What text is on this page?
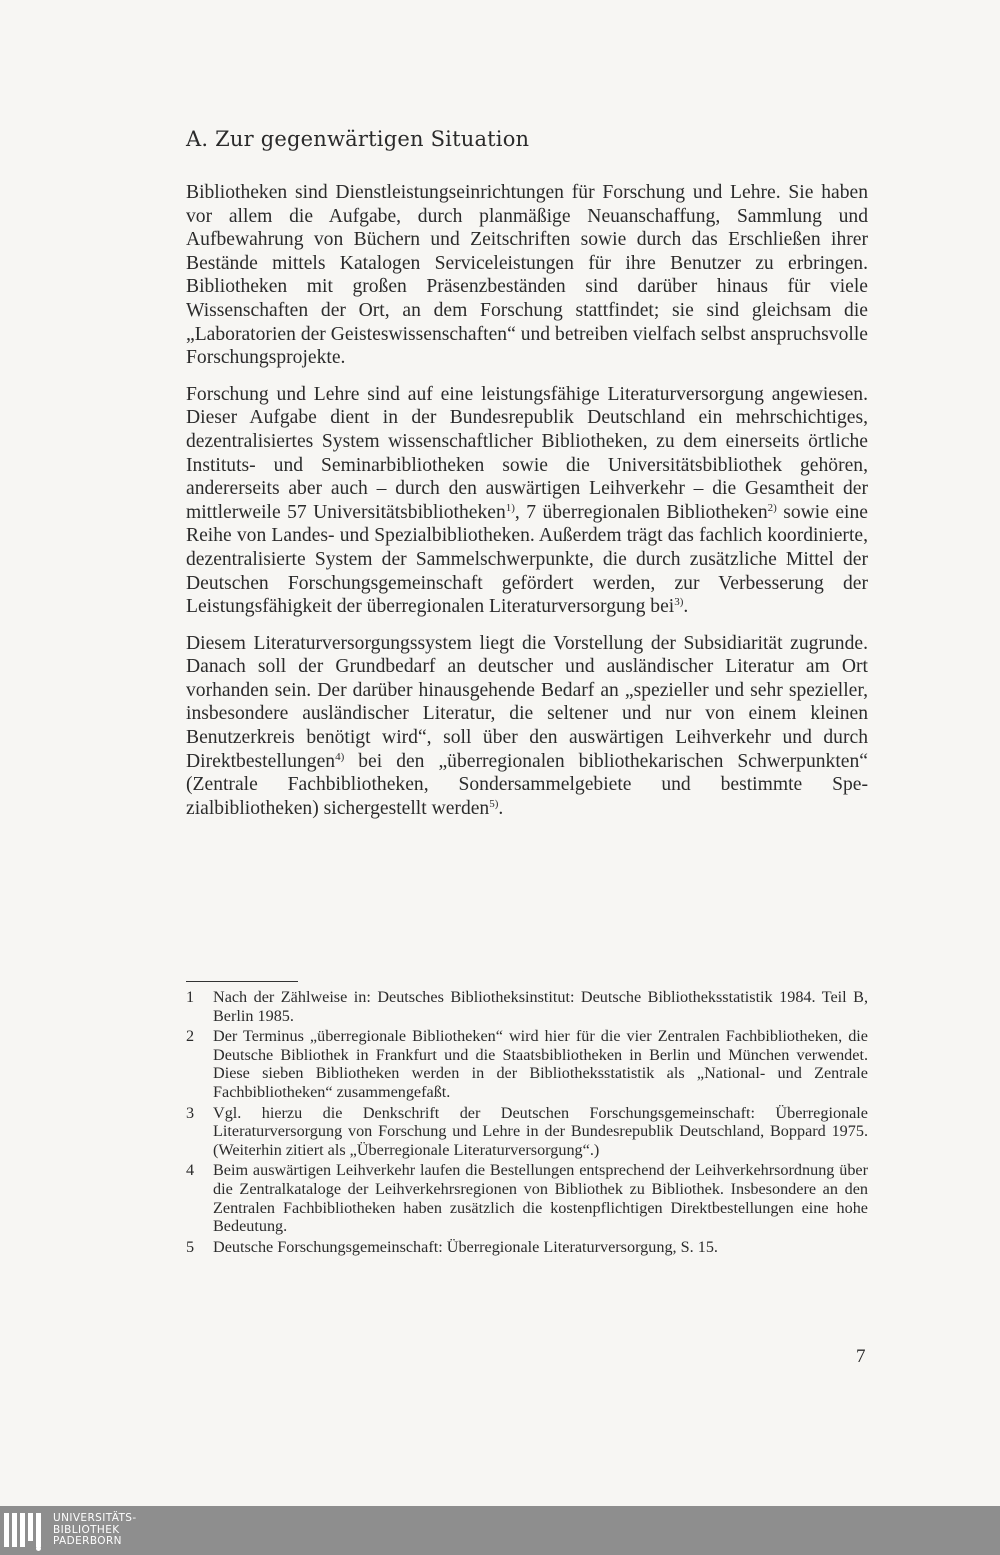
A. Zur gegenwärtigen Situation

Bibliotheken sind Dienstleistungseinrichtungen für Forschung und Lehre. Sie haben vor allem die Aufgabe, durch planmäßige Neuanschaffung, Sammlung und Aufbewahrung von Büchern und Zeitschriften sowie durch das Erschließen ihrer Bestände mittels Katalogen Serviceleistungen für ihre Benutzer zu erbringen. Bibliotheken mit großen Präsenzbeständen sind darüber hinaus für viele Wissenschaften der Ort, an dem Forschung stattfindet; sie sind gleichsam die „Laboratorien der Geisteswissenschaften“ und betreiben vielfach selbst anspruchsvolle Forschungsprojekte.

Forschung und Lehre sind auf eine leistungsfähige Literaturversorgung angewiesen. Dieser Aufgabe dient in der Bundesrepublik Deutschland ein mehrschichtiges, dezentralisiertes System wissenschaftlicher Bibliotheken, zu dem einerseits örtliche Instituts- und Seminarbibliotheken sowie die Universitätsbibliothek gehören, andererseits aber auch – durch den auswärtigen Leihverkehr – die Gesamtheit der mittlerweile 57 Universitätsbibliotheken$^{1)}$, 7 überregionalen Bibliotheken$^{2)}$ sowie eine Reihe von Landes- und Spezialbibliotheken. Außerdem trägt das fachlich koordinierte, dezentralisierte System der Sammelschwerpunkte, die durch zusätzliche Mittel der Deutschen Forschungsgemeinschaft gefördert werden, zur Verbesserung der Leistungsfähigkeit der überregionalen Literaturversorgung bei$^{3)}$.

Diesem Literaturversorgungssystem liegt die Vorstellung der Subsidiarität zugrunde. Danach soll der Grundbedarf an deutscher und ausländischer Literatur am Ort vorhanden sein. Der darüber hinausgehende Bedarf an „spezieller und sehr spezieller, insbesondere ausländischer Literatur, die seltener und nur von einem kleinen Benutzerkreis benötigt wird“, soll über den auswärtigen Leihverkehr und durch Direktbestellungen$^{4)}$ bei den „überregionalen bibliothekarischen Schwerpunkten“ (Zentrale Fachbibliotheken, Sondersammelgebiete und bestimmte Spezialbibliotheken) sichergestellt werden$^{5)}$.

1	Nach der Zählweise in: Deutsches Bibliotheksinstitut: Deutsche Bibliotheksstatistik 1984. Teil B, Berlin 1985.
2	Der Terminus „überregionale Bibliotheken“ wird hier für die vier Zentralen Fachbibliotheken, die Deutsche Bibliothek in Frankfurt und die Staatsbibliotheken in Berlin und München verwendet. Diese sieben Bibliotheken werden in der Bibliotheksstatistik als „National- und Zentrale Fachbibliotheken“ zusammengefaßt.
3	Vgl. hierzu die Denkschrift der Deutschen Forschungsgemeinschaft: Überregionale Literaturversorgung von Forschung und Lehre in der Bundesrepublik Deutschland, Boppard 1975. (Weiterhin zitiert als „Überregionale Literaturversorgung“.)
4	Beim auswärtigen Leihverkehr laufen die Bestellungen entsprechend der Leihverkehrsordnung über die Zentralkataloge der Leihverkehrsregionen von Bibliothek zu Bibliothek. Insbesondere an den Zentralen Fachbibliotheken haben zusätzlich die kostenpflichtigen Direktbestellungen eine hohe Bedeutung.
5	Deutsche Forschungsgemeinschaft: Überregionale Literaturversorgung, S. 15.
7
UNIVERSITÄTS-
BIBLIOTHEK
PADERBORN
